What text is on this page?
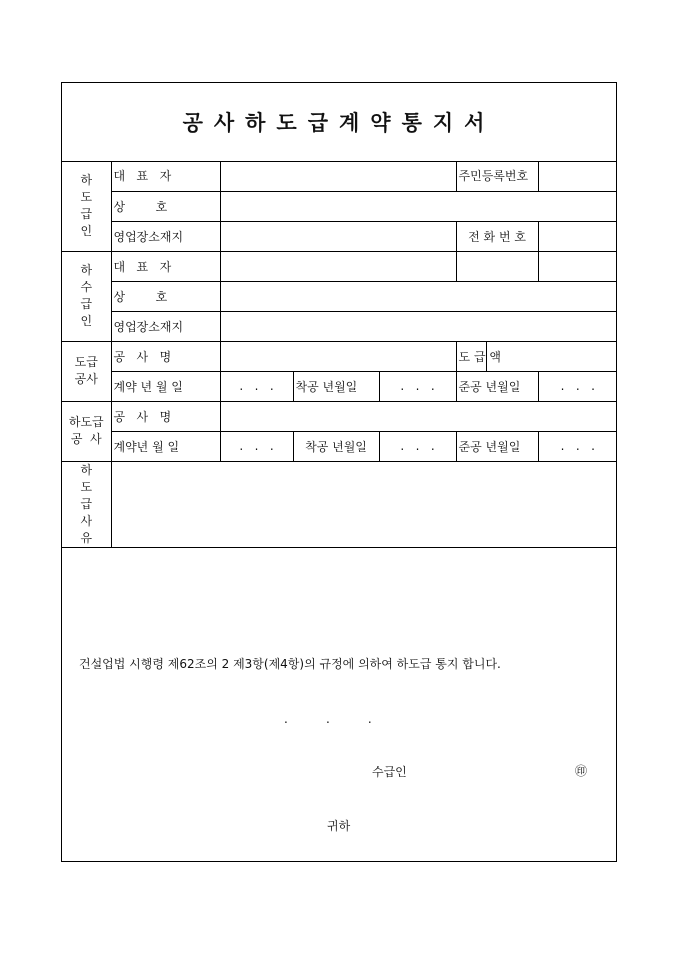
공사하도급계약통지서
하
도
급
인	대   표   자				주민등록번호		
	상        호						
	영업장소재지				전 화 번 호		

하
수
급
인	대   표   자						
	상        호						
	영업장소재지						

도급
공사	공   사   명				도 급 액		
	계약 년 월 일	.   .   .	착공 년월일	.   .   .	준공 년월일		.   .   .

하도급
공  사	공   사   명						
	계약년 월 일	.   .   .	착공 년월일	.   .   .	준공 년월일		.   .   .

하
도
급
사
유							

건설업법 시행령 제62조의 2 제3항(제4항)의 규정에 의하여 하도급 통지 합니다.
.          .          .
수급인	㊞
귀하
